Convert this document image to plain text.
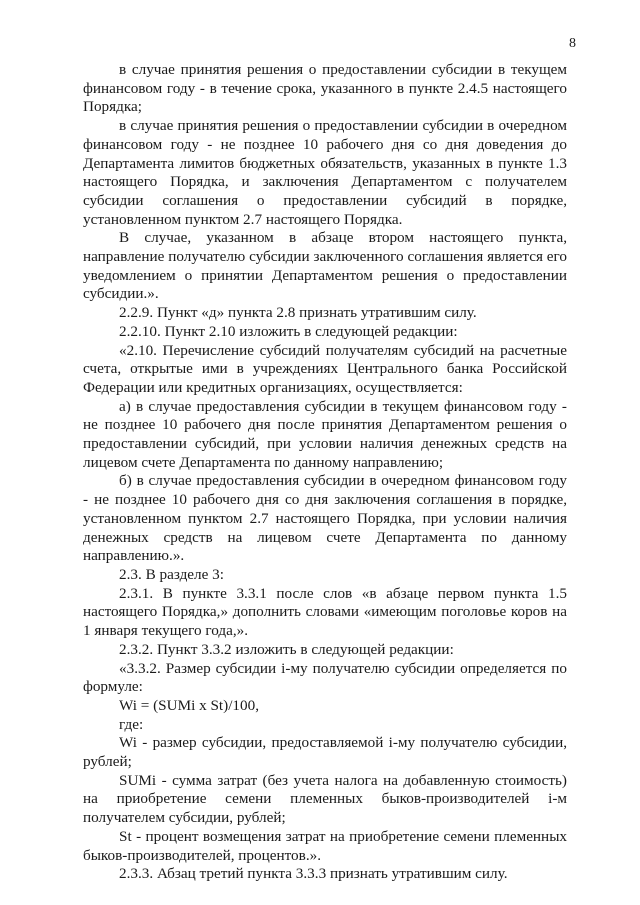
8

в случае принятия решения о предоставлении субсидии в текущем финансовом году - в течение срока, указанного в пункте 2.4.5 настоящего Порядка;

в случае принятия решения о предоставлении субсидии в очередном финансовом году - не позднее 10 рабочего дня со дня доведения до Департамента лимитов бюджетных обязательств, указанных в пункте 1.3 настоящего Порядка, и заключения Департаментом с получателем субсидии соглашения о предоставлении субсидий в порядке, установленном пунктом 2.7 настоящего Порядка.

В случае, указанном в абзаце втором настоящего пункта, направление получателю субсидии заключенного соглашения является его уведомлением о принятии Департаментом решения о предоставлении субсидии.».

2.2.9. Пункт «д» пункта 2.8 признать утратившим силу.

2.2.10. Пункт 2.10 изложить в следующей редакции:

«2.10. Перечисление субсидий получателям субсидий на расчетные счета, открытые ими в учреждениях Центрального банка Российской Федерации или кредитных организациях, осуществляется:

а) в случае предоставления субсидии в текущем финансовом году - не позднее 10 рабочего дня после принятия Департаментом решения о предоставлении субсидий, при условии наличия денежных средств на лицевом счете Департамента по данному направлению;

б) в случае предоставления субсидии в очередном финансовом году - не позднее 10 рабочего дня со дня заключения соглашения в порядке, установленном пунктом 2.7 настоящего Порядка, при условии наличия денежных средств на лицевом счете Департамента по данному направлению.».

2.3. В разделе 3:

2.3.1. В пункте 3.3.1 после слов «в абзаце первом пункта 1.5 настоящего Порядка,» дополнить словами «имеющим поголовье коров на 1 января текущего года,».

2.3.2. Пункт 3.3.2 изложить в следующей редакции:

«3.3.2. Размер субсидии i-му получателю субсидии определяется по формуле:

Wi = (SUMi x St)/100,

где:

Wi - размер субсидии, предоставляемой i-му получателю субсидии, рублей;

SUMi - сумма затрат (без учета налога на добавленную стоимость) на приобретение семени племенных быков-производителей i-м получателем субсидии, рублей;

St - процент возмещения затрат на приобретение семени племенных быков-производителей, процентов.».

2.3.3. Абзац третий пункта 3.3.3 признать утратившим силу.
